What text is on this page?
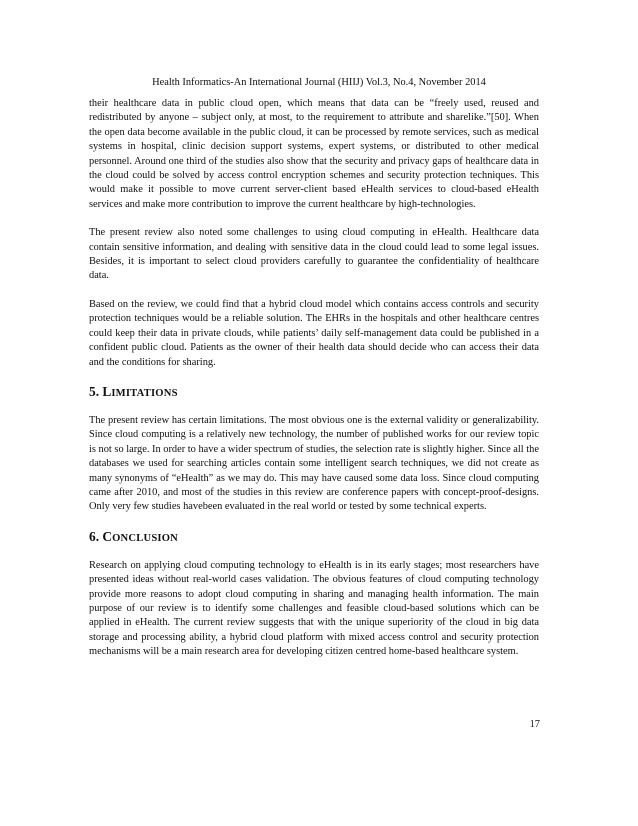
Health Informatics-An International Journal (HIIJ) Vol.3, No.4, November 2014

their healthcare data in public cloud open, which means that data can be “freely used, reused and redistributed by anyone – subject only, at most, to the requirement to attribute and sharelike.”[50]. When the open data become available in the public cloud, it can be processed by remote services, such as medical systems in hospital, clinic decision support systems, expert systems, or distributed to other medical personnel. Around one third of the studies also show that the security and privacy gaps of healthcare data in the cloud could be solved by access control encryption schemes and security protection techniques. This would make it possible to move current server-client based eHealth services to cloud-based eHealth services and make more contribution to improve the current healthcare by high-technologies.

The present review also noted some challenges to using cloud computing in eHealth. Healthcare data contain sensitive information, and dealing with sensitive data in the cloud could lead to some legal issues. Besides, it is important to select cloud providers carefully to guarantee the confidentiality of healthcare data.

Based on the review, we could find that a hybrid cloud model which contains access controls and security protection techniques would be a reliable solution. The EHRs in the hospitals and other healthcare centres could keep their data in private clouds, while patients’ daily self-management data could be published in a confident public cloud. Patients as the owner of their health data should decide who can access their data and the conditions for sharing.

5. LIMITATIONS

The present review has certain limitations. The most obvious one is the external validity or generalizability. Since cloud computing is a relatively new technology, the number of published works for our review topic is not so large. In order to have a wider spectrum of studies, the selection rate is slightly higher. Since all the databases we used for searching articles contain some intelligent search techniques, we did not create as many synonyms of “eHealth” as we may do. This may have caused some data loss. Since cloud computing came after 2010, and most of the studies in this review are conference papers with concept-proof-designs. Only very few studies havebeen evaluated in the real world or tested by some technical experts.

6. CONCLUSION

Research on applying cloud computing technology to eHealth is in its early stages; most researchers have presented ideas without real-world cases validation. The obvious features of cloud computing technology provide more reasons to adopt cloud computing in sharing and managing health information. The main purpose of our review is to identify some challenges and feasible cloud-based solutions which can be applied in eHealth. The current review suggests that with the unique superiority of the cloud in big data storage and processing ability, a hybrid cloud platform with mixed access control and security protection mechanisms will be a main research area for developing citizen centred home-based healthcare system.

17
